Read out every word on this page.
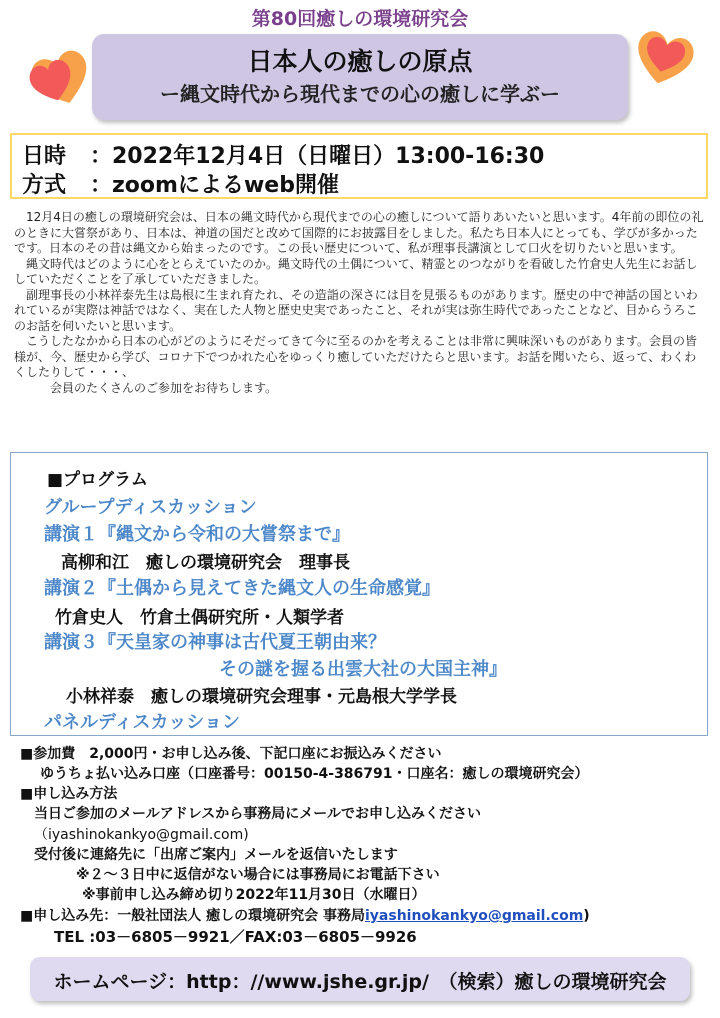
第80回癒しの環境研究会
日本人の癒しの原点
ー縄文時代から現代までの心の癒しに学ぶー
日時 ：2022年12月4日（日曜日）13:00-16:30
方式 ：zoomによるweb開催

　12月4日の癒しの環境研究会は、日本の縄文時代から現代までの心の癒しについて語りあいたいと思います。4年前の即位の礼のときに大嘗祭があり、日本は、神道の国だと改めて国際的にお披露目をしました。私たち日本人にとっても、学びが多かったです。日本のその昔は縄文から始まったのです。この長い歴史について、私が理事長講演として口火を切りたいと思います。

　縄文時代はどのように心をとらえていたのか。縄文時代の土偶について、精霊とのつながりを看破した竹倉史人先生にお話ししていただくことを了承していただきました。

　副理事長の小林祥泰先生は島根に生まれ育たれ、その造詣の深さには目を見張るものがあります。歴史の中で神話の国といわれているが実際は神話ではなく、実在した人物と歴史史実であったこと、それが実は弥生時代であったことなど、目からうろこのお話を伺いたいと思います。

　こうしたなかから日本の心がどのようにそだってきて今に至るのかを考えることは非常に興味深いものがあります。会員の皆様が、今、歴史から学び、コロナ下でつかれた心をゆっくり癒していただけたらと思います。お話を聞いたら、返って、わくわくしたりして・・・、

　　　会員のたくさんのご参加をお待ちします。

■プログラム
グループディスカッション
講演１『縄文から令和の大嘗祭まで』
高柳和江　癒しの環境研究会　理事長
講演２『土偶から見えてきた縄文人の生命感覚』
竹倉史人　竹倉土偶研究所・人類学者
講演３『天皇家の神事は古代夏王朝由来？
その謎を握る出雲大社の大国主神』
小林祥泰　癒しの環境研究会理事・元島根大学学長
パネルディスカッション
■参加費　2,000円・お申し込み後、下記口座にお振込みください
ゆうちょ払い込み口座（口座番号：00150-4-386791・口座名：癒しの環境研究会）
■申し込み方法
当日ご参加のメールアドレスから事務局にメールでお申し込みください
（iyashinokankyo@gmail.com)
受付後に連絡先に「出席ご案内」メールを返信いたします
※２～３日中に返信がない場合には事務局にお電話下さい
※事前申し込み締め切り2022年11月30日（水曜日）
■申し込み先：一般社団法人 癒しの環境研究会 事務局iyashinokankyo@gmail.com)
TEL :03－6805－9921／FAX:03－6805－9926
ホームページ：http：//www.jshe.gr.jp/　（検索）癒しの環境研究会
